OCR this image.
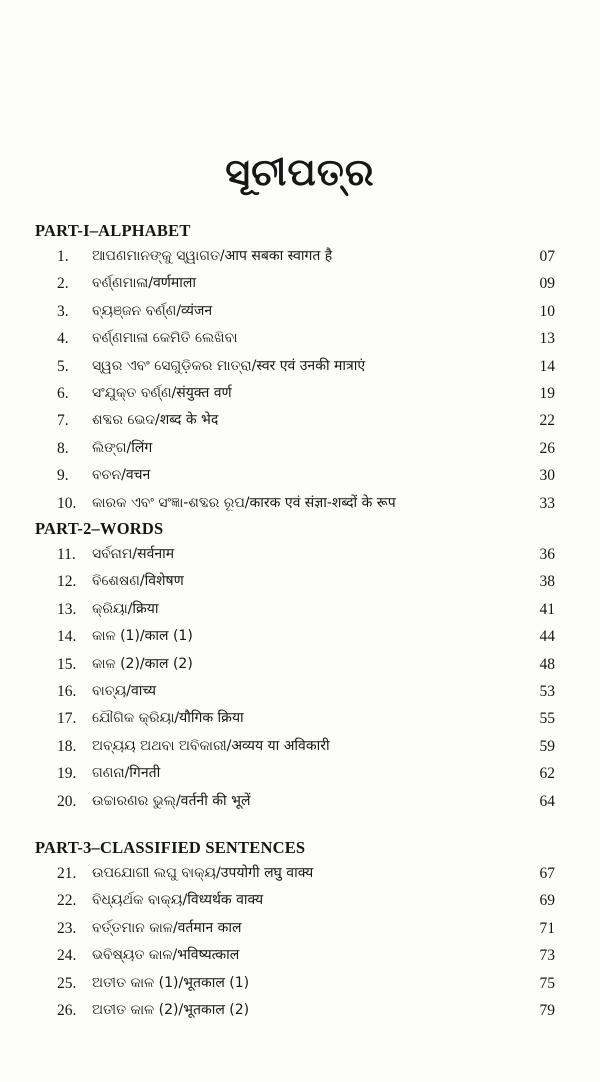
ସୂଚୀପତ୍ର
PART-I–ALPHABET
1.	ଆପଣମାନଙ୍କୁ ସ୍ୱାଗତ/आप सबका स्वागत है	07
2.	ବର୍ଣ୍ଣମାଳା/वर्णमाला	09
3.	ବ୍ୟଞ୍ଜନ ବର୍ଣ୍ଣ/व्यंजन	10
4.	ବର୍ଣ୍ଣମାଳା କେମିତି ଲେଖିବା	13
5.	ସ୍ୱର ଏବଂ ସେଗୁଡ଼ିକର ମାତ୍ରା/स्वर एवं उनकी मात्राएं	14
6.	ସଂଯୁକ୍ତ ବର୍ଣ୍ଣ/संयुक्त वर्ण	19
7.	ଶବ୍ଦର ଭେଦ/शब्द के भेद	22
8.	ଲିଙ୍ଗ/लिंग	26
9.	ବଚନ/वचन	30
10.	କାରକ ଏବଂ ସଂଜ୍ଞା-ଶବ୍ଦର ରୂପ/कारक एवं संज्ञा-शब्दों के रूप	33
PART-2–WORDS
11.	ସର୍ବନାମ/सर्वनाम	36
12.	ବିଶେଷଣ/विशेषण	38
13.	କ୍ରିୟା/क्रिया	41
14.	କାଳ (1)/काल (1)	44
15.	କାଳ (2)/काल (2)	48
16.	ବାଚ୍ୟ/वाच्य	53
17.	ଯୌଗିକ କ୍ରିୟା/यौगिक क्रिया	55
18.	ଅବ୍ୟୟ ଅଥବା ଅବିକାରୀ/अव्यय या अविकारी	59
19.	ଗଣନା/गिनती	62
20.	ଉଚ୍ଚାରଣର ଭୁଲ୍/वर्तनी की भूलें	64
PART-3–CLASSIFIED SENTENCES
21.	ଉପଯୋଗୀ ଲଘୁ ବାକ୍ୟ/उपयोगी लघु वाक्य	67
22.	ବିଧ୍ୟର୍ଥକ ବାକ୍ୟ/विध्यर्थक वाक्य	69
23.	ବର୍ତ୍ତମାନ କାଳ/वर्तमान काल	71
24.	ଭବିଷ୍ୟତ କାଳ/भविष्यत्काल	73
25.	ଅତୀତ କାଳ (1)/भूतकाल (1)	75
26.	ଅତୀତ କାଳ (2)/भूतकाल (2)	79
